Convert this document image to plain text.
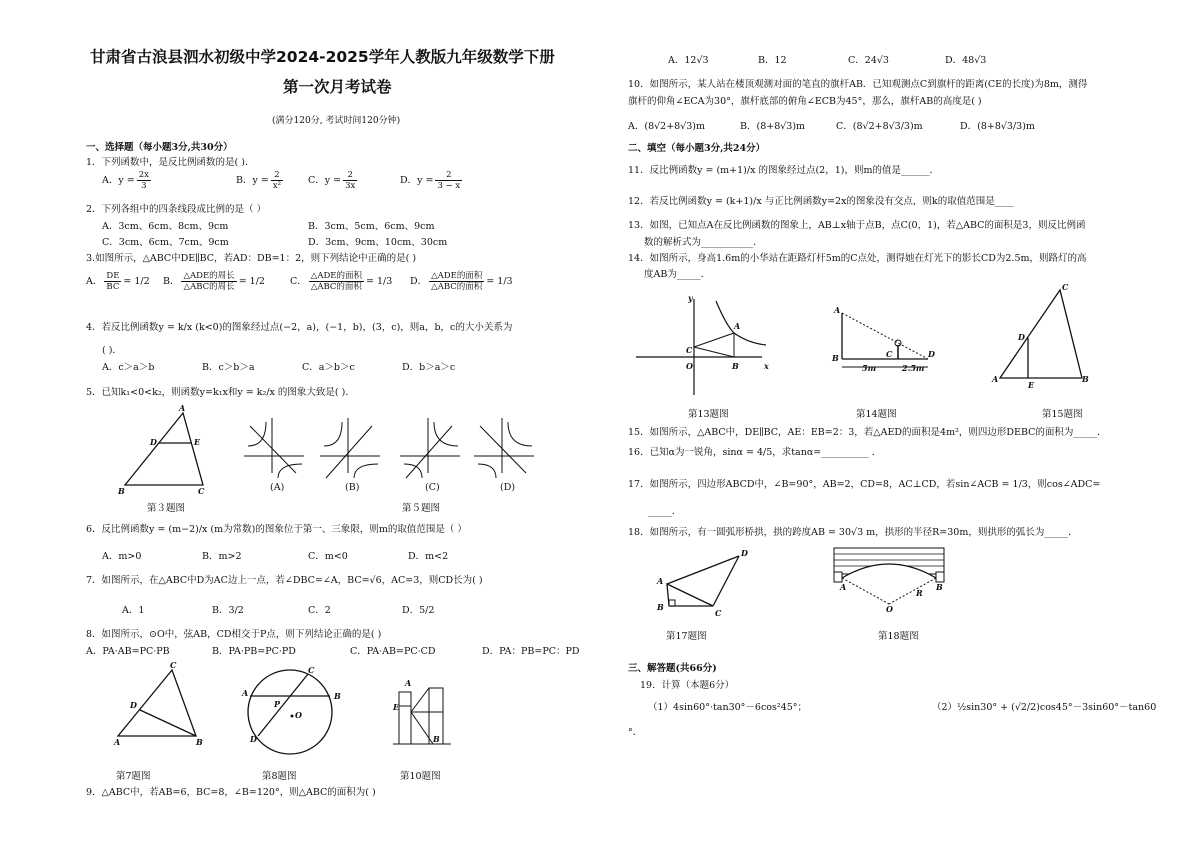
甘肃省古浪县泗水初级中学2024-2025学年人教版九年级数学下册
第一次月考试卷
(满分120分, 考试时间120分钟)
一、选择题（每小题3分,共30分）
1．下列函数中，是反比例函数的是( )．
A．$y = \frac{2x}{3}$	B．$y = \frac{2}{\text{x²}}$	C．$y = \frac{2}{3x}$	D．$y = \frac{2}{3 - x}$
2．下列各组中的四条线段成比例的是（ ）
A．3cm、6cm、8cm、9cm	B．3cm、5cm、6cm、9cm
C．3cm、6cm、7cm、9cm	D．3cm、9cm、10cm、30cm
3.如图所示，△ABC中DE∥BC，若AD：DB=1：2，则下列结论中正确的是( )
A． $\frac{DE}{BC} = 1/2$ B． $\frac{\text{△ADE的周长}}{\text{△ABC的周长}} = 1/2$	C． $\frac{\text{△ADE的面积}}{\text{△ABC的面积}} = 1/3$ D． $\frac{\text{△ADE的面积}}{\text{△ABC的面积}} = 1/3$
4．若反比例函数y = k/x (k<0)的图象经过点(−2，a)，(−1，b)，(3，c)，则a，b，c的大小关系为
( )．
A．c＞a＞b	B．c＞b＞a	C．a＞b＞c	D．b＞a＞c
5．已知k₁<0<k₂，则函数y=k₁x和y = k₂/x 的图象大致是( )．
A
D	E
B	C	(A)	(B)	(C)	(D)
第３题图	第５题图
6．反比例函数y = (m−2)/x (m为常数)的图象位于第一、三象限，则m的取值范围是（ ）
A．m>0	B．m>2	C．m<0	D．m<2
7．如图所示，在△ABC中D为AC边上一点，若∠DBC=∠A，BC=√6，AC=3，则CD长为( )
A．1	B．3/2	C．2	D．5/2
8．如图所示，⊙O中，弦AB，CD相交于P点，则下列结论正确的是( )
A．PA·AB=PC·PB	B．PA·PB=PC·PD	C．PA·AB=PC·CD	D．PA：PB=PC：PD
C
D
A	B
A	B
C
D
P
O
A
E
B
第7题图	第8题图	第10题图
9．△ABC中，若AB=6，BC=8，∠B=120°，则△ABC的面积为( )
A．12√3	B．12	C．24√3	D．48√3
10．如图所示，某人站在楼顶观测对面的笔直的旗杆AB．已知观测点C到旗杆的距离(CE的长度)为8m，测得
旗杆的仰角∠ECA为30°，旗杆底部的俯角∠ECB为45°，那么，旗杆AB的高度是( )
A．(8√2+8√3)m	B．(8+8√3)m	C．(8√2+8√3/3)m	D．(8+8√3/3)m
二、填空（每小题3分,共24分）
11．反比例函数y = (m+1)/x 的图象经过点(2，1)，则m的值是______．
12．若反比例函数y = (k+1)/x 与正比例函数y=2x的图象没有交点，则k的取值范围是____
13．如图，已知点A在反比例函数的图象上，AB⊥x轴于点B，点C(0，1)，若△ABC的面积是3，则反比例函
数的解析式为___________．
14．如图所示，身高1.6m的小华站在距路灯杆5m的C点处，测得她在灯光下的影长CD为2.5m，则路灯的高
度AB为_____．
y
x
A
C
O	B
A
B	C	D
5m	2.5m
C
D
A
E
B
第13题图	第14题图	第15题图
15．如图所示，△ABC中，DE∥BC，AE：EB=2：3，若△AED的面积是4m²，则四边形DEBC的面积为_____．
16．已知α为一锐角，sinα = 4/5，求tanα=__________ ．
17．如图所示，四边形ABCD中，∠B=90°，AB=2，CD=8，AC⊥CD，若sin∠ACB = 1/3，则cos∠ADC=
_____．
18．如图所示，有一圆弧形桥拱，拱的跨度AB = 30√3 m，拱形的半径R=30m，则拱形的弧长为_____．
D
A
B
C
A	B
O
R
第17题图	第18题图
三、解答题(共66分)
19．计算（本题6分）
（1）4sin60°·tan30°－6cos²45°；	（2）½sin30° + (√2/2)cos45°－3sin60°－tan60
°．
